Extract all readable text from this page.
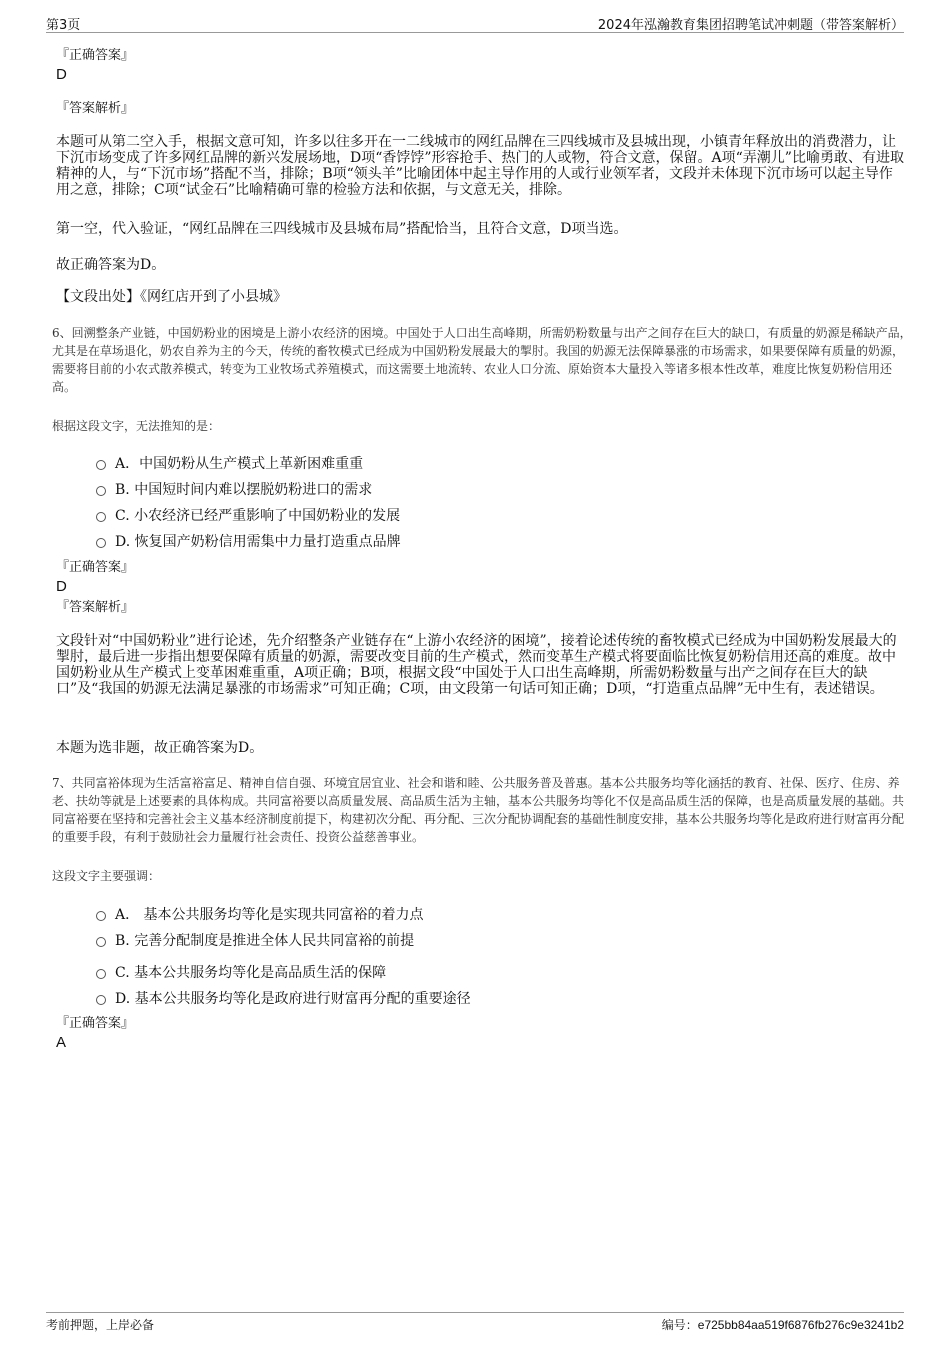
第3页	2024年泓瀚教育集团招聘笔试冲刺题（带答案解析）
『正确答案』
D
『答案解析』
本题可从第二空入手，根据文意可知，许多以往多开在一二线城市的网红品牌在三四线城市及县城出现，小镇青年释放出的消费潜力，让下沉市场变成了许多网红品牌的新兴发展场地，D项“香饽饽”形容抢手、热门的人或物，符合文意，保留。A项“弄潮儿”比喻勇敢、有进取精神的人，与“下沉市场”搭配不当，排除；B项“领头羊”比喻团体中起主导作用的人或行业领军者，文段并未体现下沉市场可以起主导作用之意，排除；C项“试金石”比喻精确可靠的检验方法和依据，与文意无关，排除。
第一空，代入验证，“网红品牌在三四线城市及县城布局”搭配恰当，且符合文意，D项当选。
故正确答案为D。
【文段出处】《网红店开到了小县城》
6、回溯整条产业链，中国奶粉业的困境是上游小农经济的困境。中国处于人口出生高峰期，所需奶粉数量与出产之间存在巨大的缺口，有质量的奶源是稀缺产品，尤其是在草场退化，奶农自养为主的今天，传统的畜牧模式已经成为中国奶粉发展最大的掣肘。我国的奶源无法保障暴涨的市场需求，如果要保障有质量的奶源，需要将目前的小农式散养模式，转变为工业牧场式养殖模式，而这需要土地流转、农业人口分流、原始资本大量投入等诸多根本性改革，难度比恢复奶粉信用还高。
根据这段文字，无法推知的是：
A．中国奶粉从生产模式上革新困难重重
B. 中国短时间内难以摆脱奶粉进口的需求
C. 小农经济已经严重影响了中国奶粉业的发展
D. 恢复国产奶粉信用需集中力量打造重点品牌
『正确答案』
D
『答案解析』
文段针对“中国奶粉业”进行论述，先介绍整条产业链存在“上游小农经济的困境”，接着论述传统的畜牧模式已经成为中国奶粉发展最大的掣肘，最后进一步指出想要保障有质量的奶源，需要改变目前的生产模式，然而变革生产模式将要面临比恢复奶粉信用还高的难度。故中国奶粉业从生产模式上变革困难重重，A项正确；B项，根据文段“中国处于人口出生高峰期，所需奶粉数量与出产之间存在巨大的缺口”及“我国的奶源无法满足暴涨的市场需求”可知正确；C项，由文段第一句话可知正确；D项，“打造重点品牌”无中生有，表述错误。
本题为选非题，故正确答案为D。
7、共同富裕体现为生活富裕富足、精神自信自强、环境宜居宜业、社会和谐和睦、公共服务普及普惠。基本公共服务均等化涵括的教育、社保、医疗、住房、养老、扶幼等就是上述要素的具体构成。共同富裕要以高质量发展、高品质生活为主轴，基本公共服务均等化不仅是高品质生活的保障，也是高质量发展的基础。共同富裕要在坚持和完善社会主义基本经济制度前提下，构建初次分配、再分配、三次分配协调配套的基础性制度安排，基本公共服务均等化是政府进行财富再分配的重要手段，有利于鼓励社会力量履行社会责任、投资公益慈善事业。
这段文字主要强调：
A． 基本公共服务均等化是实现共同富裕的着力点
B. 完善分配制度是推进全体人民共同富裕的前提
C. 基本公共服务均等化是高品质生活的保障
D. 基本公共服务均等化是政府进行财富再分配的重要途径
『正确答案』
A
考前押题，上岸必备	编号：e725bb84aa519f6876fb276c9e3241b2
